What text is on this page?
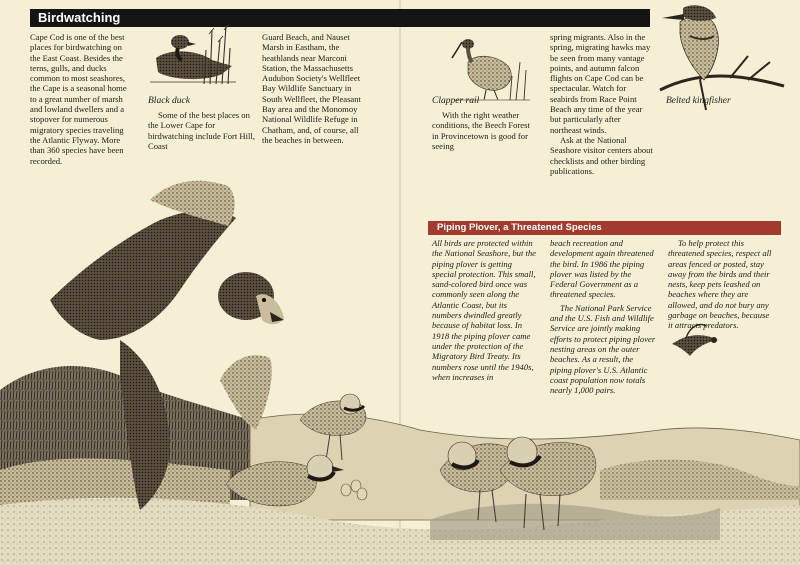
Birdwatching
Cape Cod is one of the best places for birdwatching on the East Coast. Besides the terns, gulls, and ducks common to most seashores, the Cape is a seasonal home to a great number of marsh and lowland dwellers and a stopover for numerous migratory species traveling the Atlantic Flyway. More than 360 species have been recorded.
Some of the best places on the Lower Cape for birdwatching include Fort Hill, Coast
Guard Beach, and Nauset Marsh in Eastham, the heathlands near Marconi Station, the Massachusetts Audubon Society's Wellfleet Bay Wildlife Sanctuary in South Wellfleet, the Pleasant Bay area and the Monomoy National Wildlife Refuge in Chatham, and, of course, all the beaches in between.
With the right weather conditions, the Beech Forest in Provincetown is good for seeing

spring migrants. Also in the spring, migrating hawks may be seen from many vantage points, and autumn falcon flights on Cape Cod can be spectacular. Watch for seabirds from Race Point Beach any time of the year but particularly after northeast winds.

Ask at the National Seashore visitor centers about checklists and other birding publications.

Black duck	Clapper rail	Belted kingfisher
Piping Plover, a Threatened Species
All birds are protected within the National Seashore, but the piping plover is getting special protection. This small, sand-colored bird once was commonly seen along the Atlantic Coast, but its numbers dwindled greatly because of habitat loss. In 1918 the piping plover came under the protection of the Migratory Bird Treaty. Its numbers rose until the 1940s, when increases in

beach recreation and development again threatened the bird. In 1986 the piping plover was listed by the Federal Government as a threatened species.

The National Park Service and the U.S. Fish and Wildlife Service are jointly making efforts to protect piping plover nesting areas on the outer beaches. As a result, the piping plover's U.S. Atlantic coast population now totals nearly 1,000 pairs.

To help protect this threatened species, respect all areas fenced or posted, stay away from the birds and their nests, keep pets leashed on beaches where they are allowed, and do not bury any garbage on beaches, because it attracts predators.
